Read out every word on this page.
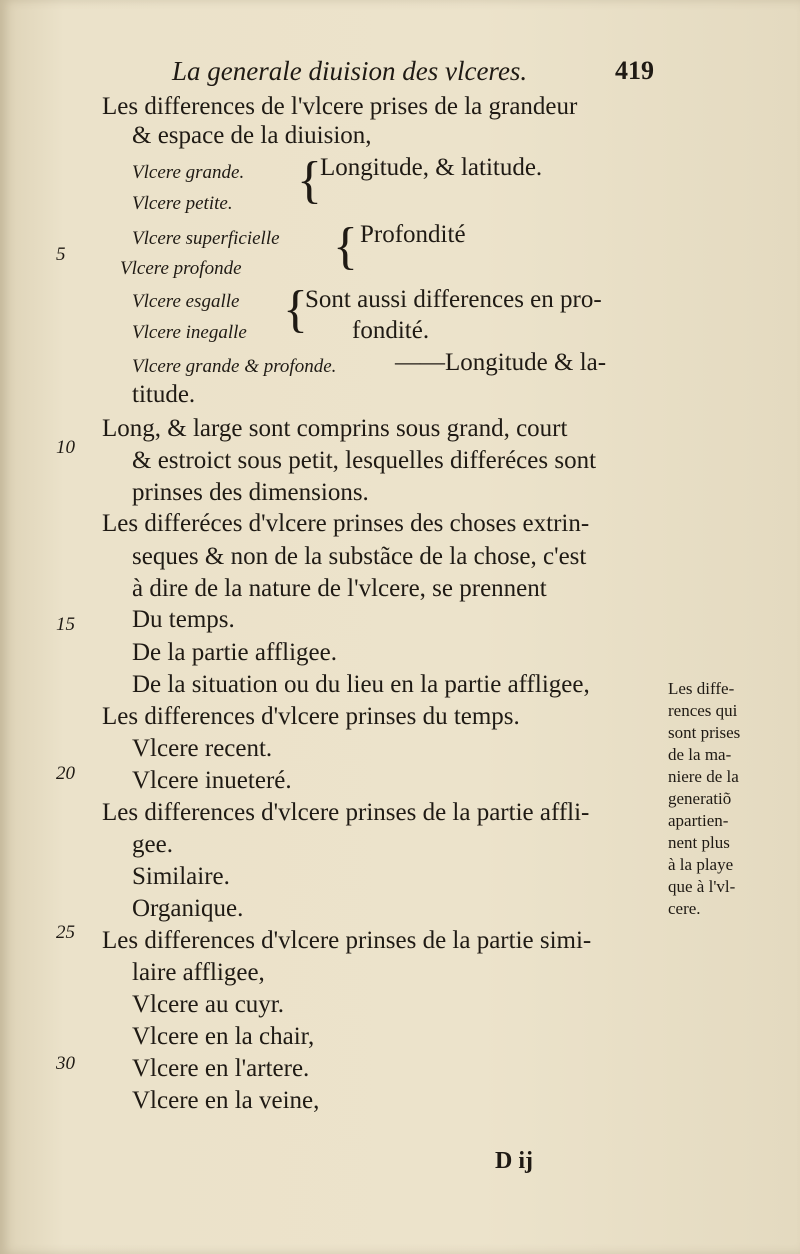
La generale diuision des vlceres.	419
5
10
15
20
25
30
Les differences de l'vlcere prises de la grandeur
& espace de la diuision,
Vlcere grande. {
Longitude, & latitude.
Vlcere petite.
Vlcere superficielle { Profondité
Vlcere profonde
Vlcere esgalle {
Sont aussi differences en pro-
Vlcere inegalle	fondité.
Vlcere grande & profonde. ——Longitude & la-
titude.
Long, & large sont comprins sous grand, court
& estroict sous petit, lesquelles differéces sont
prinses des dimensions.
Les differéces d'vlcere prinses des choses extrin-
seques & non de la substãce de la chose, c'est
à dire de la nature de l'vlcere, se prennent
Du temps.
De la partie affligee.
De la situation ou du lieu en la partie affligee,
Les differences d'vlcere prinses du temps.
Vlcere recent.
Vlcere inueteré.
Les differences d'vlcere prinses de la partie affli-
gee.
Similaire.
Organique.
Les differences d'vlcere prinses de la partie simi-
laire affligee,
Vlcere au cuyr.
Vlcere en la chair,
Vlcere en l'artere.
Vlcere en la veine,
Les diffe-
rences qui
sont prises
de la ma-
niere de la
generatiõ
apartien-
nent plus
à la playe
que à l'vl-
cere.
D ij
